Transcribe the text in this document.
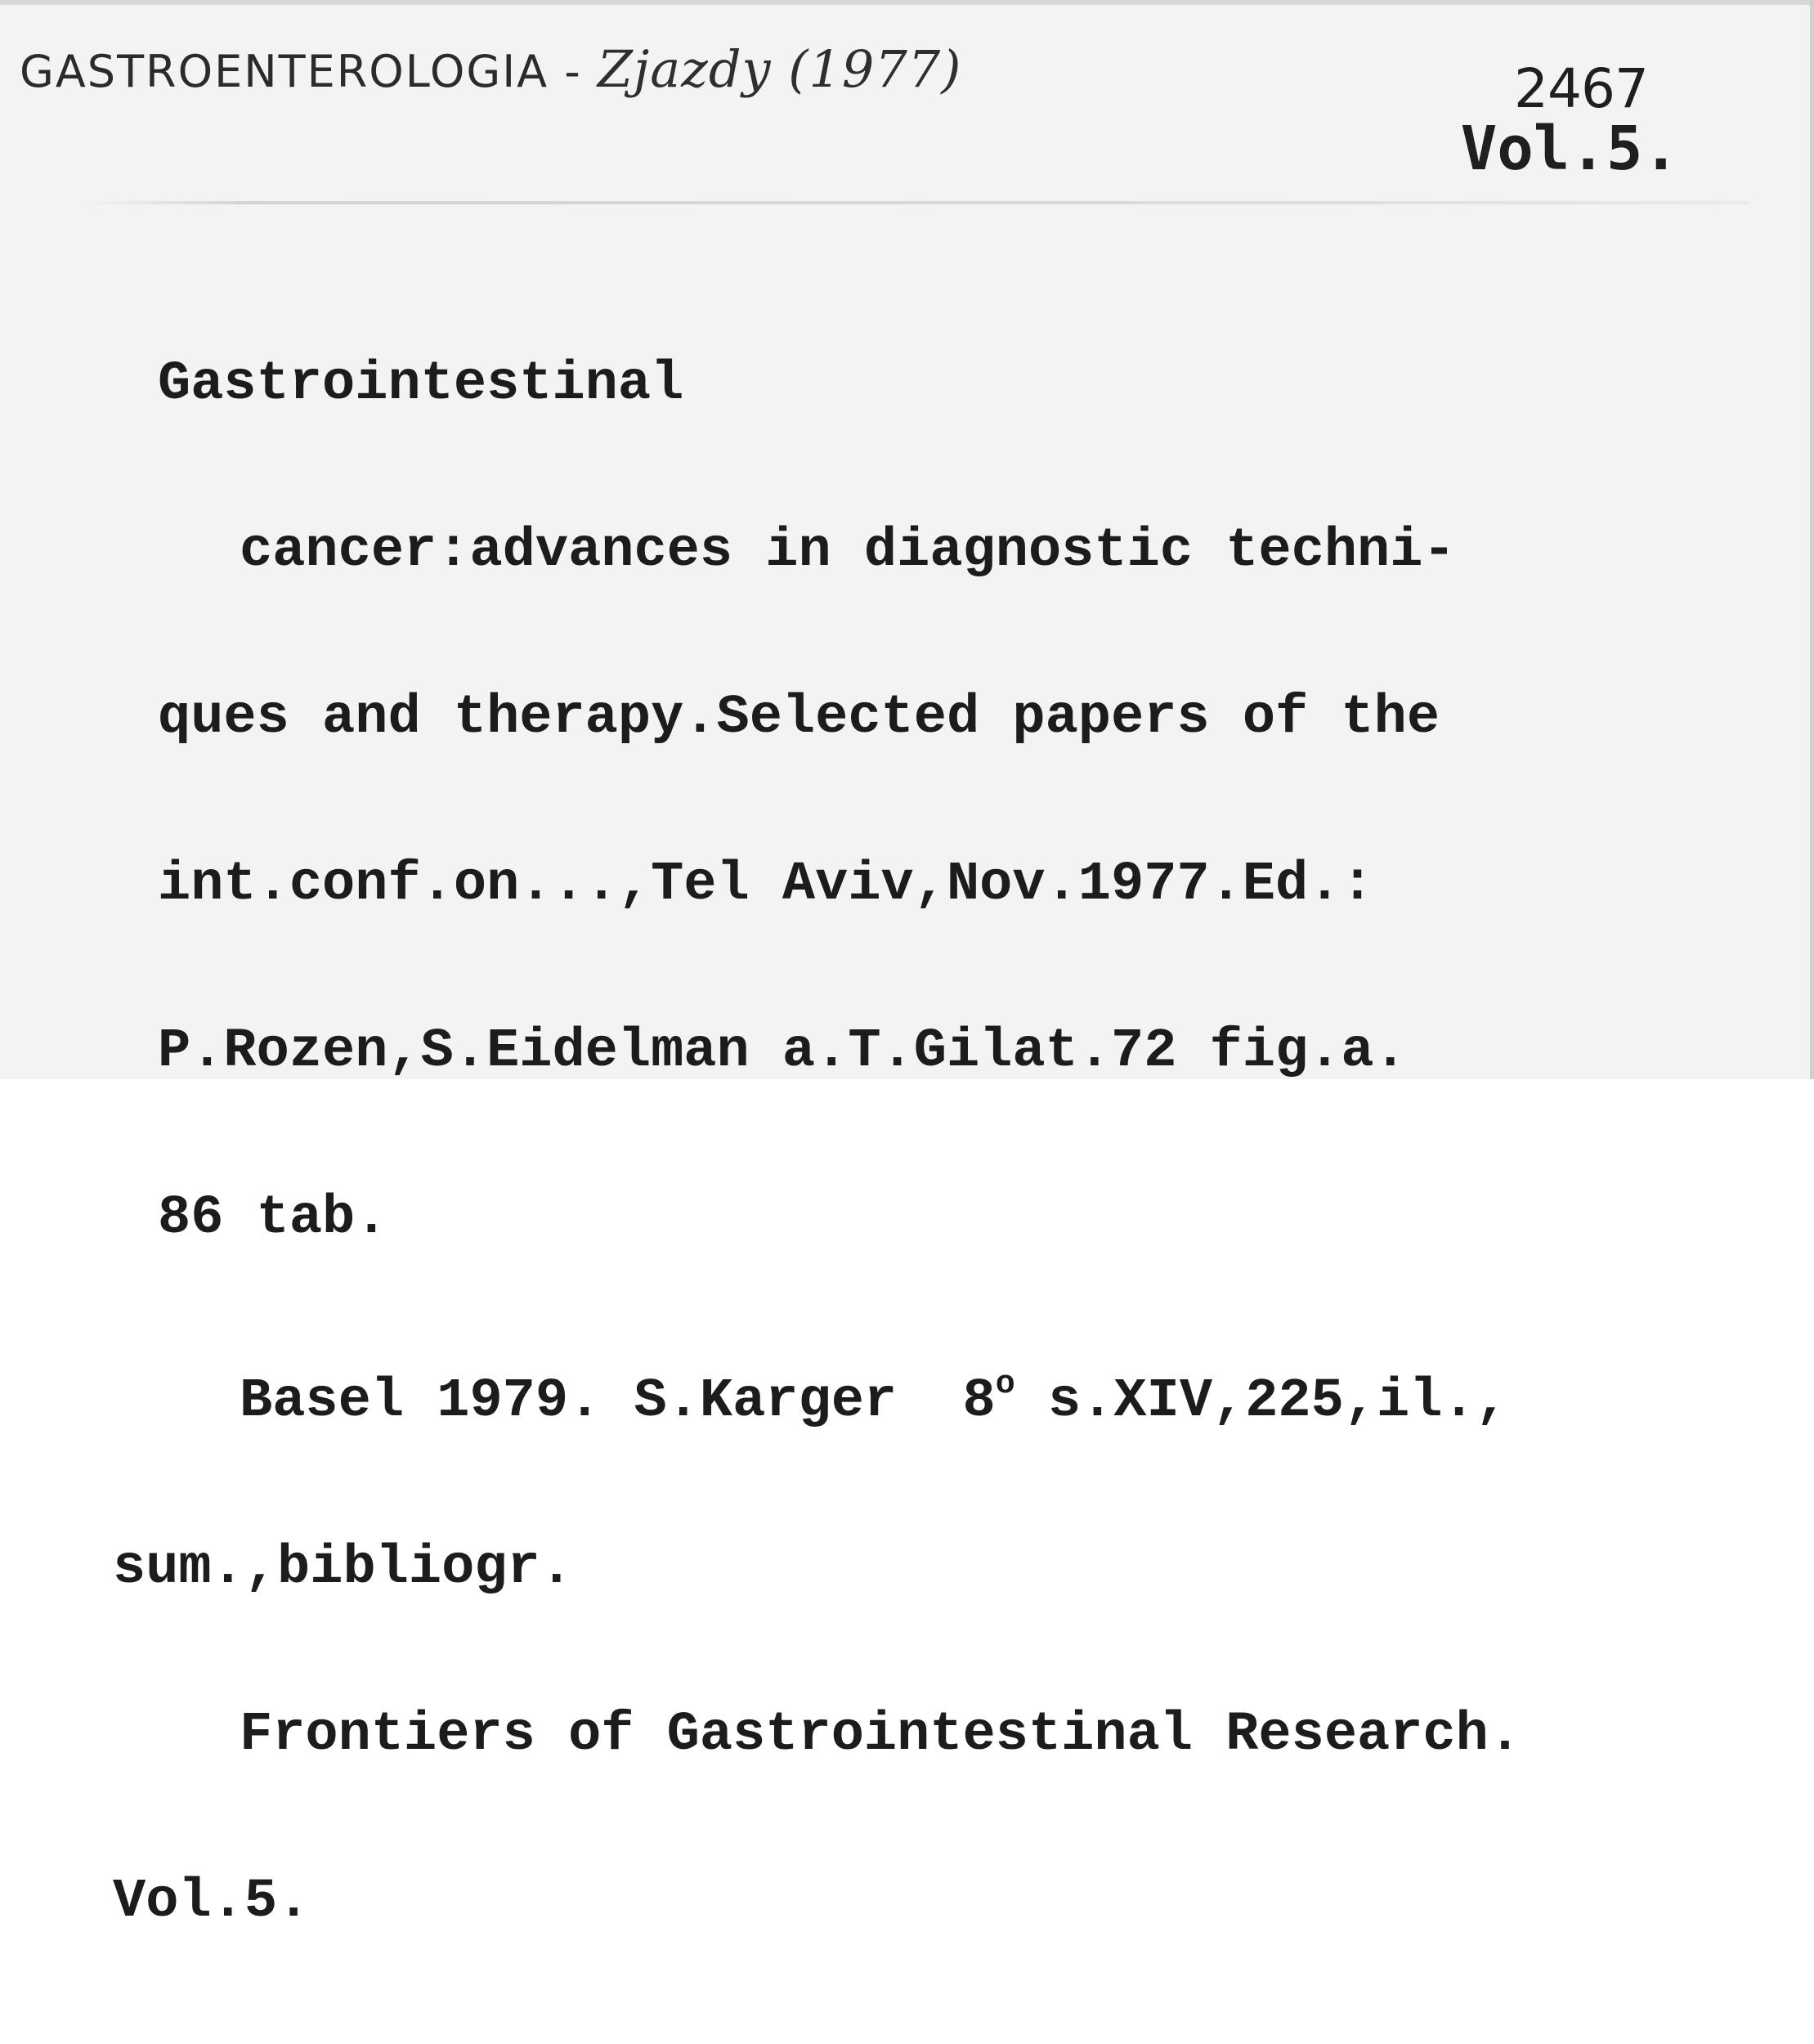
GASTROENTEROLOGIA - Zjazdy (1977)	2467
Vol.5.

Gastrointestinal

cancer:advances in diagnostic techni-

ques and therapy.Selected papers of the

int.conf.on...,Tel Aviv,Nov.1977.Ed.:

P.Rozen,S.Eidelman a.T.Gilat.72 fig.a.

86 tab.

Basel 1979. S.Karger  8$^o$ s.XIV,225,il.,

sum.,bibliogr.

Frontiers of Gastrointestinal Research.

Vol.5.
